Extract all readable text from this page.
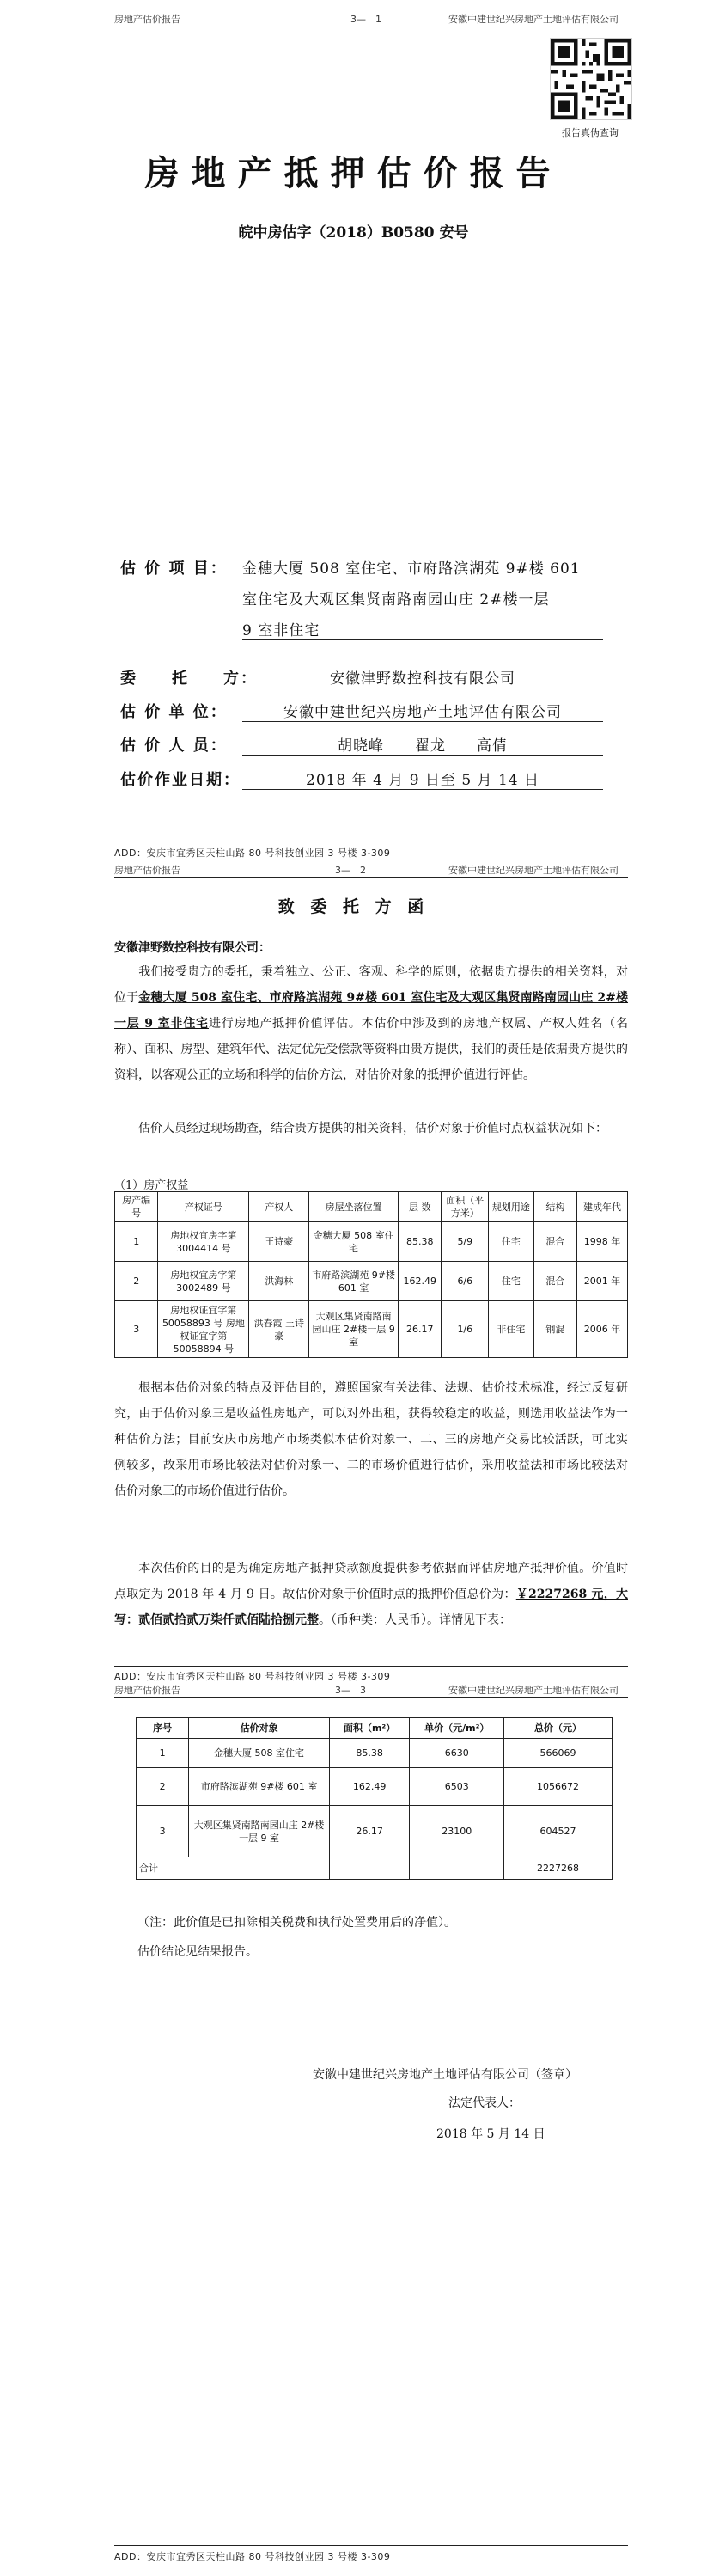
房地产估价报告	3—　1	安徽中建世纪兴房地产土地评估有限公司
报告真伪查询
房地产抵押估价报告
皖中房估字（2018）B0580 安号
估 价 项 目： 金穗大厦 508 室住宅、市府路滨湖苑 9#楼 601
室住宅及大观区集贤南路南园山庄 2#楼一层
9 室非住宅
委　　托　　方：	安徽津野数控科技有限公司
估 价 单 位：	安徽中建世纪兴房地产土地评估有限公司
估 价 人 员：	胡晓峰　　翟龙　　高倩
估价作业日期：	2018 年 4 月 9 日至 5 月 14 日
ADD：安庆市宜秀区天柱山路 80 号科技创业园 3 号楼 3-309
房地产估价报告	3—　2	安徽中建世纪兴房地产土地评估有限公司
致 委 托 方 函
安徽津野数控科技有限公司：
我们接受贵方的委托，秉着独立、公正、客观、科学的原则，依据贵方提供的相关资料，对位于金穗大厦 508 室住宅、市府路滨湖苑 9#楼 601 室住宅及大观区集贤南路南园山庄 2#楼一层 9 室非住宅进行房地产抵押价值评估。本估价中涉及到的房地产权属、产权人姓名（名称）、面积、房型、建筑年代、法定优先受偿款等资料由贵方提供，我们的责任是依据贵方提供的资料，以客观公正的立场和科学的估价方法，对估价对象的抵押价值进行评估。
估价人员经过现场勘查，结合贵方提供的相关资料，估价对象于价值时点权益状况如下：
（1）房产权益
房产编号	产权证号	产权人	房屋坐落位置	层 数	面积（平方米）	规划用途	结构	建成年代
1	房地权宜房字第 3004414 号	王诗豪	金穗大厦 508 室住宅	85.38	5/9	住宅	混合	1998 年
2	房地权宜房字第 3002489 号	洪海林	市府路滨湖苑 9#楼 601 室	162.49	6/6	住宅	混合	2001 年
3	房地权证宜字第 50058893 号 房地权证宜字第 50058894 号	洪春霞 王诗豪	大观区集贤南路南园山庄 2#楼一层 9 室	26.17	1/6	非住宅	钢混	2006 年
根据本估价对象的特点及评估目的，遵照国家有关法律、法规、估价技术标准，经过反复研究，由于估价对象三是收益性房地产，可以对外出租，获得较稳定的收益，则选用收益法作为一种估价方法；目前安庆市房地产市场类似本估价对象一、二、三的房地产交易比较活跃，可比实例较多，故采用市场比较法对估价对象一、二的市场价值进行估价，采用收益法和市场比较法对估价对象三的市场价值进行估价。
本次估价的目的是为确定房地产抵押贷款额度提供参考依据而评估房地产抵押价值。价值时点取定为 2018 年 4 月 9 日。故估价对象于价值时点的抵押价值总价为：￥2227268 元，大写：贰佰贰拾贰万柒仟贰佰陆拾捌元整。（币种类：人民币）。详情见下表：
ADD：安庆市宜秀区天柱山路 80 号科技创业园 3 号楼 3-309
房地产估价报告	3—　3	安徽中建世纪兴房地产土地评估有限公司
序号	估价对象	面积（m²）	单价（元/m²）	总价（元）
1	金穗大厦 508 室住宅	85.38	6630	566069
2	市府路滨湖苑 9#楼 601 室	162.49	6503	1056672
3	大观区集贤南路南园山庄 2#楼 一层 9 室	26.17	23100	604527
合计				2227268
（注：此价值是已扣除相关税费和执行处置费用后的净值）。
估价结论见结果报告。
安徽中建世纪兴房地产土地评估有限公司（签章）
法定代表人：
2018 年 5 月 14 日
ADD：安庆市宜秀区天柱山路 80 号科技创业园 3 号楼 3-309
